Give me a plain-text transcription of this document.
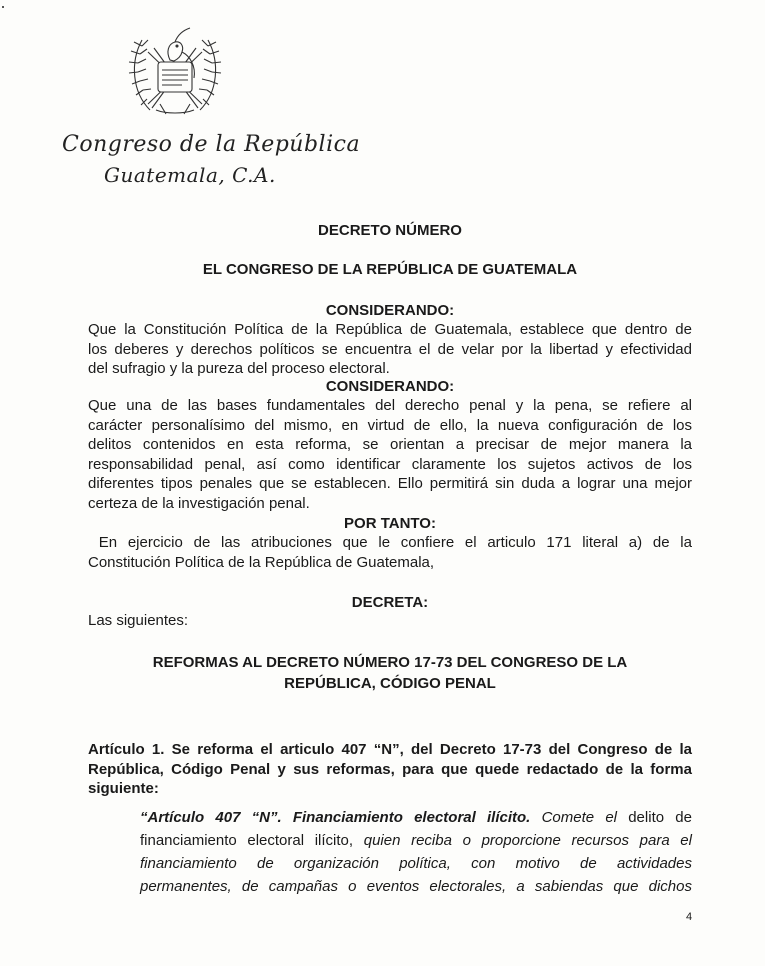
Congreso de la República
Guatemala, C.A.
DECRETO NÚMERO
EL CONGRESO DE LA REPÚBLICA DE GUATEMALA
CONSIDERANDO:
Que la Constitución Política de la República de Guatemala, establece que dentro de
los deberes y derechos políticos se encuentra el de velar por la libertad y efectividad
del sufragio y la pureza del proceso electoral.
CONSIDERANDO:
Que una de las bases fundamentales del derecho penal y la pena, se refiere al
carácter personalísimo del mismo, en virtud de ello, la nueva configuración de los
delitos contenidos en esta reforma, se orientan a precisar de mejor manera la
responsabilidad penal, así como identificar claramente los sujetos activos de los
diferentes tipos penales que se establecen. Ello permitirá sin duda a lograr una mejor
certeza de la investigación penal.
POR TANTO:
En ejercicio de las atribuciones que le confiere el articulo 171 literal a) de la
Constitución Política de la República de Guatemala,
DECRETA:
Las siguientes:
REFORMAS AL DECRETO NÚMERO 17-73 DEL CONGRESO DE LA
REPÚBLICA, CÓDIGO PENAL
Artículo 1. Se reforma el articulo 407 “N”, del Decreto 17-73 del Congreso de la
República, Código Penal y sus reformas, para que quede redactado de la forma
siguiente:
“Artículo 407 “N”. Financiamiento electoral ilícito. Comete el delito de
financiamiento electoral ilícito, quien reciba o proporcione recursos para el
financiamiento de organización política, con motivo de actividades
permanentes, de campañas o eventos electorales, a sabiendas que dichos
4
